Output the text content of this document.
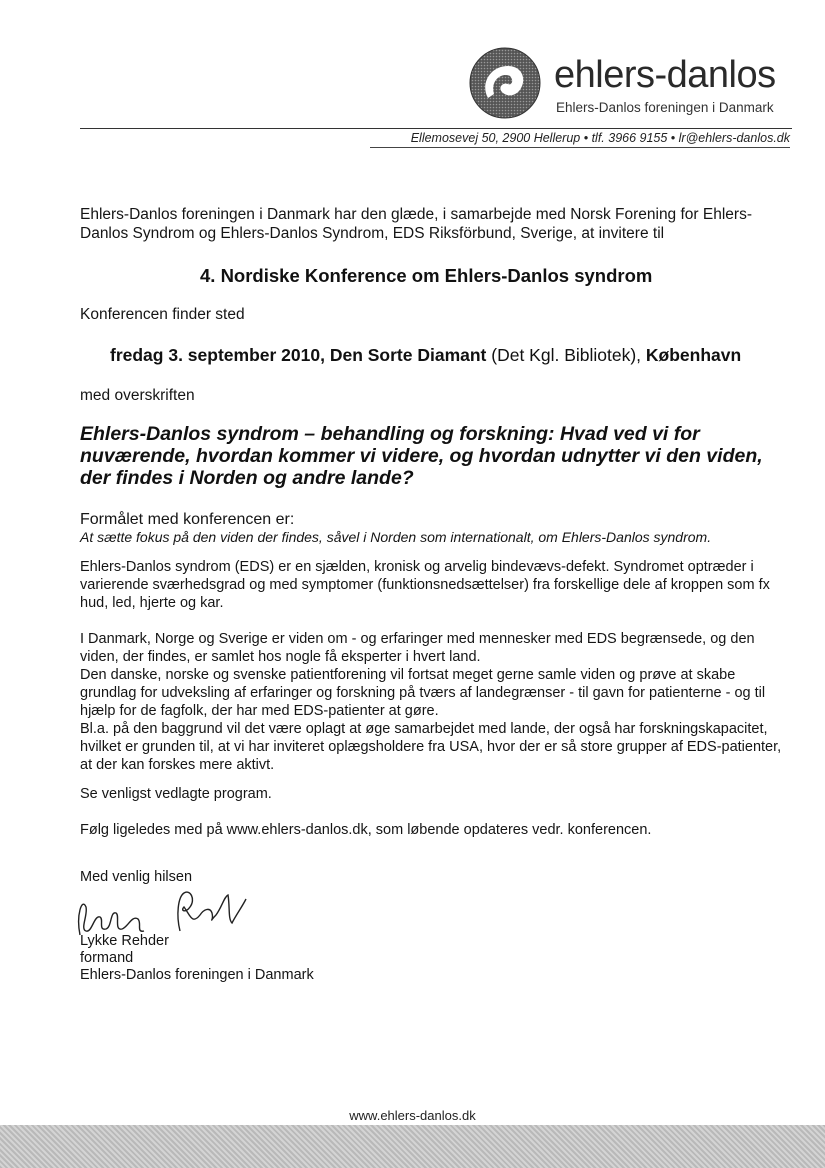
ehlers-danlos
Ehlers-Danlos foreningen i Danmark
Ellemosevej 50, 2900 Hellerup • tlf. 3966 9155 • lr@ehlers-danlos.dk

Ehlers-Danlos foreningen i Danmark har den glæde, i samarbejde med Norsk Forening for Ehlers-Danlos Syndrom og Ehlers-Danlos Syndrom, EDS Riksförbund, Sverige, at invitere til

4. Nordiske Konference om Ehlers-Danlos syndrom

Konferencen finder sted

fredag 3. september 2010, Den Sorte Diamant (Det Kgl. Bibliotek), København

med overskriften

Ehlers-Danlos syndrom – behandling og forskning: Hvad ved vi for nuværende, hvordan kommer vi videre, og hvordan udnytter vi den viden, der findes i Norden og andre lande?

Formålet med konferencen er:

At sætte fokus på den viden der findes, såvel i Norden som internationalt, om Ehlers-Danlos syndrom.

Ehlers-Danlos syndrom (EDS) er en sjælden, kronisk og arvelig bindevævs-defekt. Syndromet optræder i varierende sværhedsgrad og med symptomer (funktionsnedsættelser) fra forskellige dele af kroppen som fx hud, led, hjerte og kar.

I Danmark, Norge og Sverige er viden om - og erfaringer med mennesker med EDS begrænsede, og den viden, der findes, er samlet hos nogle få eksperter i hvert land.
Den danske, norske og svenske patientforening vil fortsat meget gerne samle viden og prøve at skabe grundlag for udveksling af erfaringer og forskning på tværs af landegrænser - til gavn for patienterne - og til hjælp for de fagfolk, der har med EDS-patienter at gøre.
Bl.a. på den baggrund vil det være oplagt at øge samarbejdet med lande, der også har forskningskapacitet, hvilket er grunden til, at vi har inviteret oplægsholdere fra USA, hvor der er så store grupper af EDS-patienter, at der kan forskes mere aktivt.

Se venligst vedlagte program.

Følg ligeledes med på www.ehlers-danlos.dk, som løbende opdateres vedr. konferencen.

Med venlig hilsen

Lykke Rehder
formand
Ehlers-Danlos foreningen i Danmark
www.ehlers-danlos.dk
